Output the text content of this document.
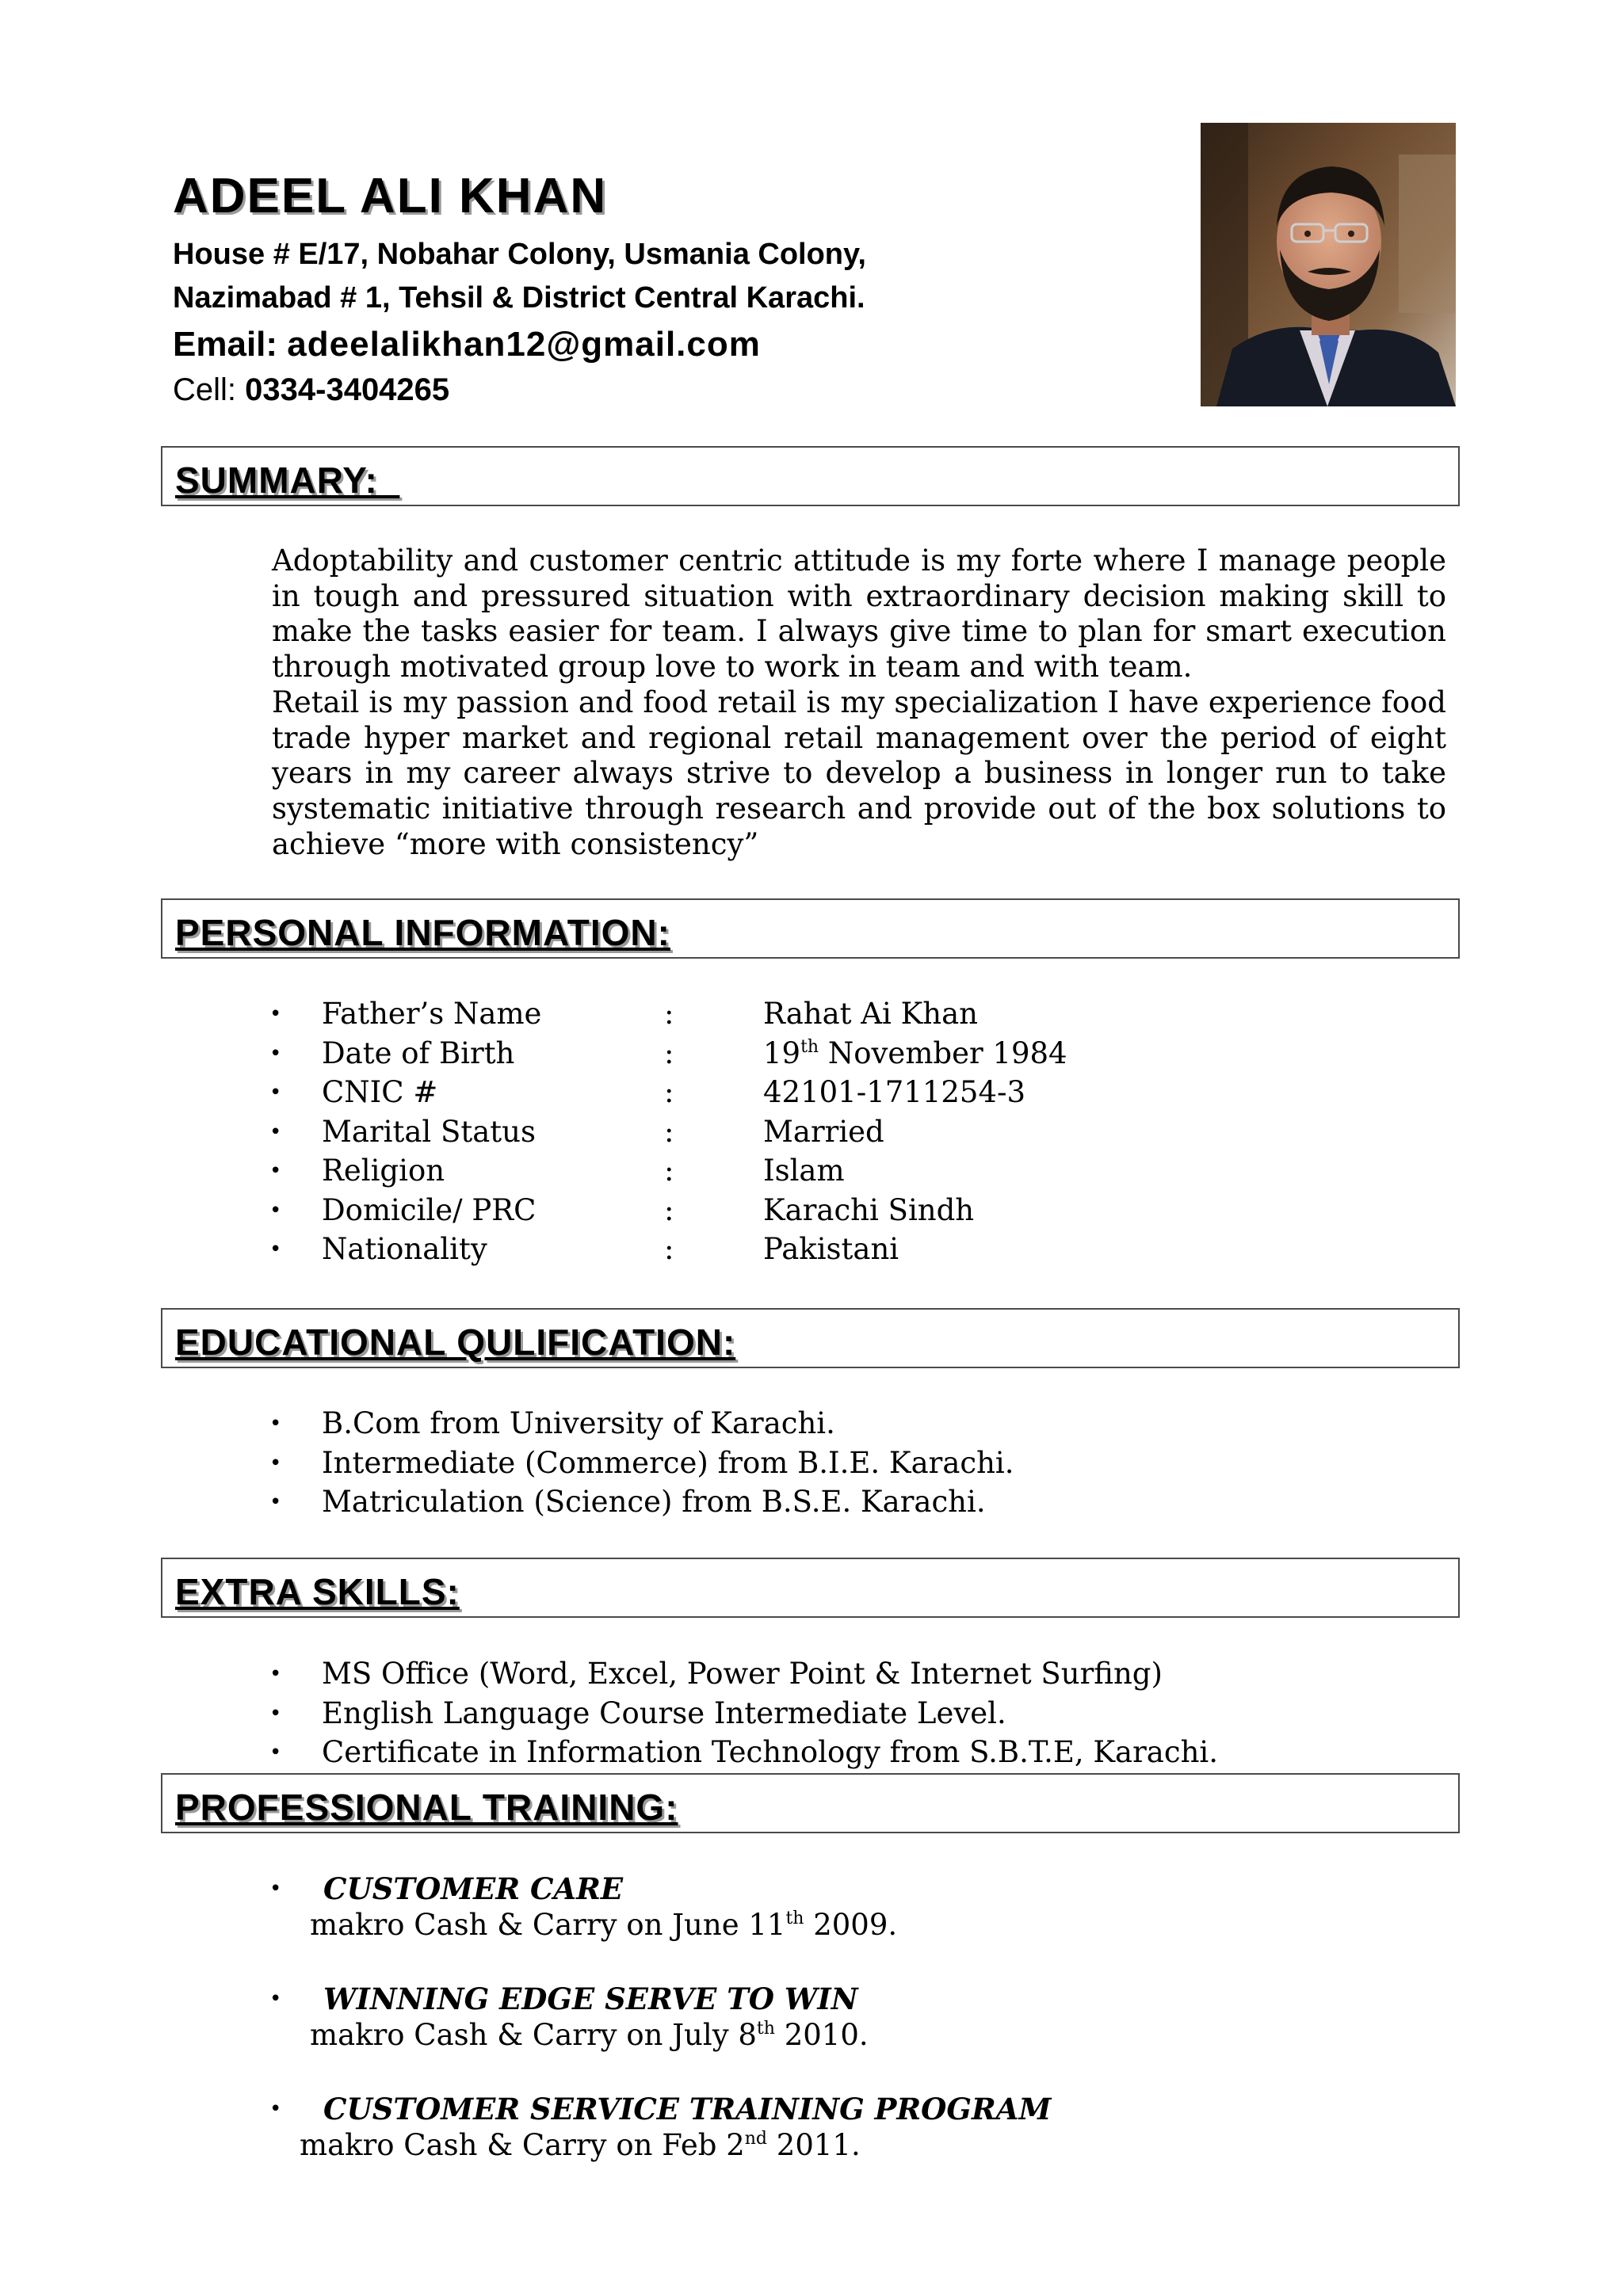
ADEEL ALI KHAN
House # E/17, Nobahar Colony, Usmania Colony,
Nazimabad # 1, Tehsil & District Central Karachi.
Email: adeelalikhan12@gmail.com
Cell: 0334-3404265
SUMMARY:

Adoptability and customer centric attitude is my forte where I manage people in tough and pressured situation with extraordinary decision making skill to make the tasks easier for team. I always give time to plan for smart execution through motivated group love to work in team and with team.

Retail is my passion and food retail is my specialization I have experience food trade hyper market and regional retail management over the period of eight years in my career always strive to develop a business in longer run to take systematic initiative through research and provide out of the box solutions to achieve “more with consistency”

PERSONAL INFORMATION:
• Father’s Name	:	Rahat Ai Khan
• Date of Birth	:	19th November 1984
• CNIC #	:	42101-1711254-3
• Marital Status	:	Married
• Religion	:	Islam
• Domicile/ PRC	:	Karachi Sindh
• Nationality	:	Pakistani
EDUCATIONAL QULIFICATION:
• B.Com from University of Karachi.
• Intermediate (Commerce) from B.I.E. Karachi.
• Matriculation (Science) from B.S.E. Karachi.
EXTRA SKILLS:
• MS Office (Word, Excel, Power Point & Internet Surfing)
• English Language Course Intermediate Level.
• Certificate in Information Technology from S.B.T.E, Karachi.
PROFESSIONAL TRAINING:
• CUSTOMER CARE
makro Cash & Carry on June 11th 2009.
• WINNING EDGE SERVE TO WIN
makro Cash & Carry on July 8th 2010.
• CUSTOMER SERVICE TRAINING PROGRAM
makro Cash & Carry on Feb 2nd 2011.
